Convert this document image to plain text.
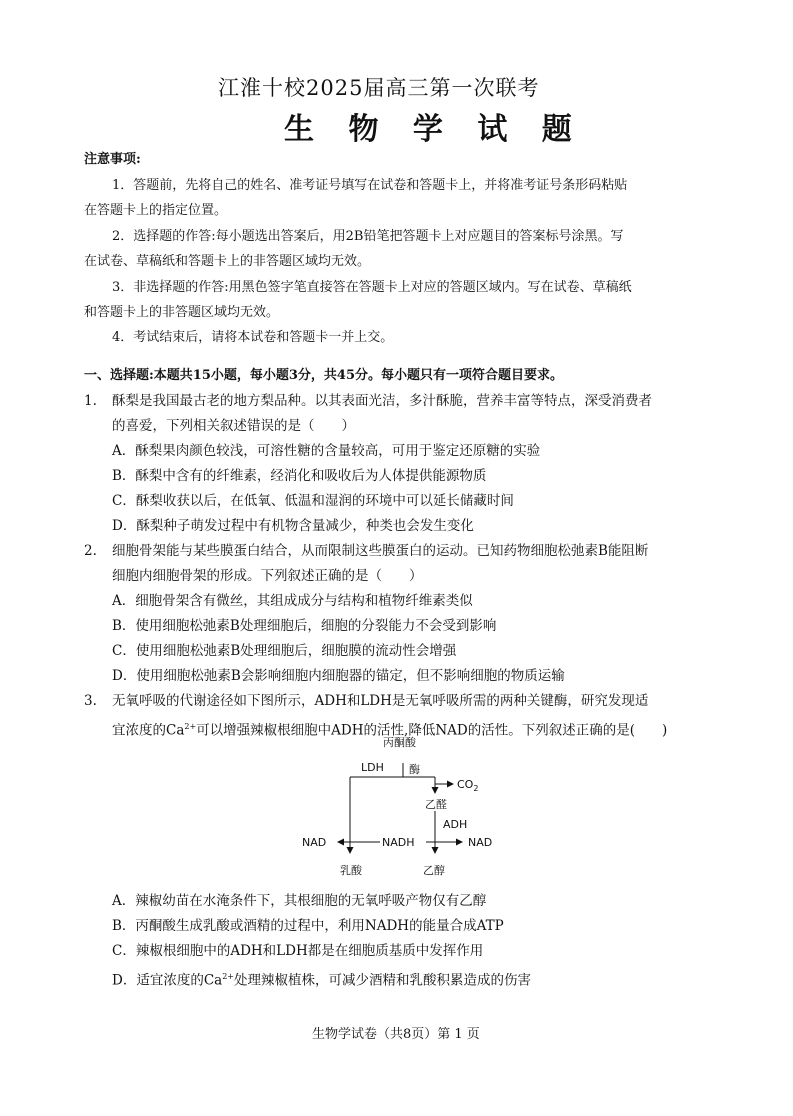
江淮十校2025届高三第一次联考
生 物 学 试 题
注意事项:
1．答题前，先将自己的姓名、准考证号填写在试卷和答题卡上，并将准考证号条形码粘贴
在答题卡上的指定位置。
2．选择题的作答:每小题选出答案后，用2B铅笔把答题卡上对应题目的答案标号涂黑。写
在试卷、草稿纸和答题卡上的非答题区域均无效。
3．非选择题的作答:用黑色签字笔直接答在答题卡上对应的答题区域内。写在试卷、草稿纸
和答题卡上的非答题区域均无效。
4．考试结束后，请将本试卷和答题卡一并上交。
一、选择题:本题共15小题，每小题3分，共45分。每小题只有一项符合题目要求。
1. 酥梨是我国最古老的地方梨品种。以其表面光洁，多汁酥脆，营养丰富等特点，深受消费者
的喜爱，下列相关叙述错误的是（　　）
A．酥梨果肉颜色较浅，可溶性糖的含量较高，可用于鉴定还原糖的实验
B．酥梨中含有的纤维素，经消化和吸收后为人体提供能源物质
C．酥梨收获以后，在低氧、低温和湿润的环境中可以延长储藏时间
D．酥梨种子萌发过程中有机物含量减少，种类也会发生变化
2. 细胞骨架能与某些膜蛋白结合，从而限制这些膜蛋白的运动。已知药物细胞松弛素B能阻断
细胞内细胞骨架的形成。下列叙述正确的是（　　）
A．细胞骨架含有微丝，其组成成分与结构和植物纤维素类似
B．使用细胞松弛素B处理细胞后，细胞的分裂能力不会受到影响
C．使用细胞松弛素B处理细胞后，细胞膜的流动性会增强
D．使用细胞松弛素B会影响细胞内细胞器的锚定，但不影响细胞的物质运输
3. 无氧呼吸的代谢途径如下图所示，ADH和LDH是无氧呼吸所需的两种关键酶，研究发现适
宜浓度的$Ca^{2+}$可以增强辣椒根细胞中ADH的活性,降低NAD的活性。下列叙述正确的是(　　)
丙酮酸
LDH 酶
$CO_2$
乙醛
ADH
NAD	NADH	NAD
乳酸	乙醇
A．辣椒幼苗在水淹条件下，其根细胞的无氧呼吸产物仅有乙醇
B．丙酮酸生成乳酸或酒精的过程中，利用NADH的能量合成ATP
C．辣椒根细胞中的ADH和LDH都是在细胞质基质中发挥作用
D．适宜浓度的$Ca^{2+}$处理辣椒植株，可减少酒精和乳酸积累造成的伤害
生物学试卷（共8页）第 1 页
